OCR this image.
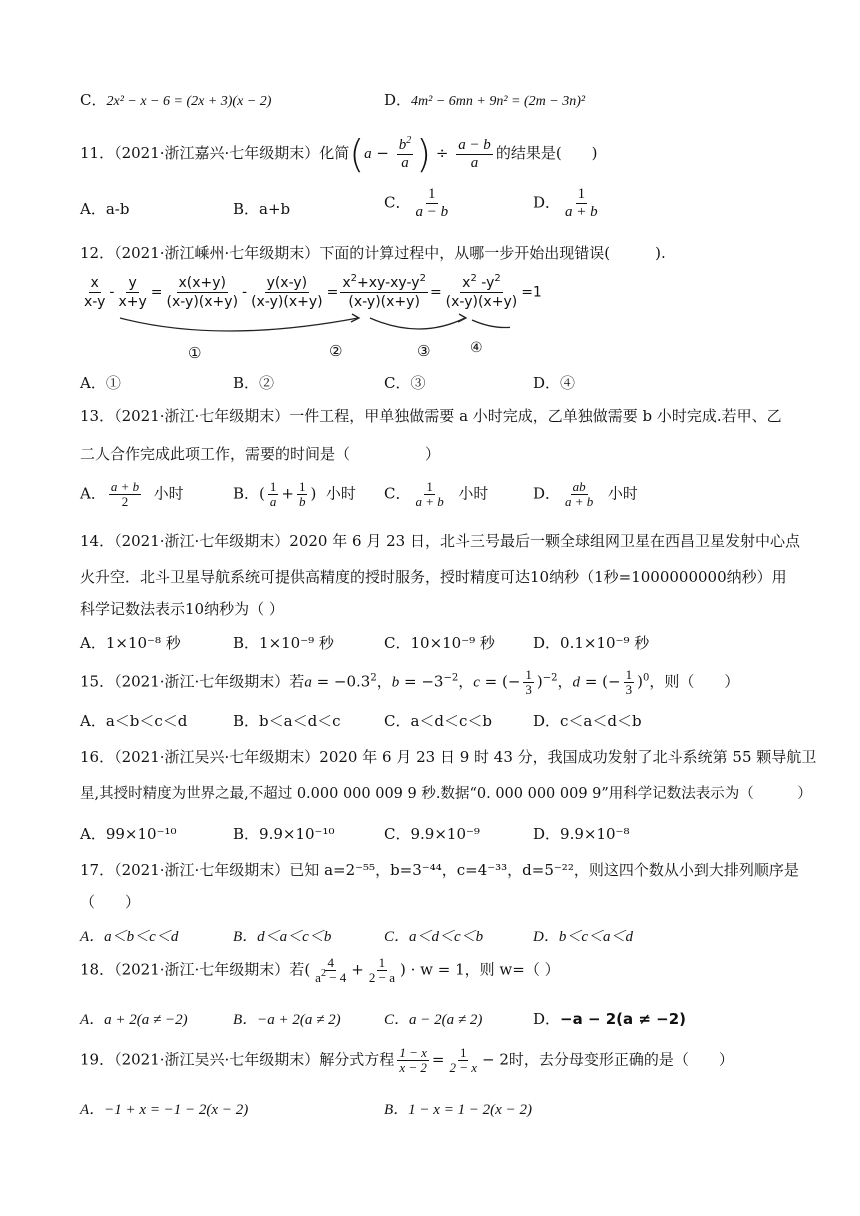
C．2x² − x − 6 = (2x + 3)(x − 2)	D．4m² − 6mn + 9n² = (2m − 3n)²
11．（2021·浙江嘉兴·七年级期末）化简($a - \frac{b^2}{a}$ ) ÷ $\frac{a - b}{a}$ 的结果是(　　)
A．a-b	B．a+b	C． $\frac{1}{a - b}$	D． $\frac{1}{a + b}$
12．（2021·浙江嵊州·七年级期末）下面的计算过程中，从哪一步开始出现错误(　　　).
$\frac{x}{x-y} - \frac{y}{x+y} = \frac{x(x+y)}{(x-y)(x+y)} - \frac{y(x-y)}{(x-y)(x+y)} = \frac{x^2+xy-xy-y^2}{(x-y)(x+y)} = \frac{x^2 -y^2}{(x-y)(x+y)} =1$
①	②	③	④
A．①	B．②	C．③	D．④
13．（2021·浙江·七年级期末）一件工程，甲单独做需要 a 小时完成，乙单独做需要 b 小时完成.若甲、乙
二人合作完成此项工作，需要的时间是（　　　　　）
A． $\frac{a + b}{2}$ 小时	B．( $\frac{1}{a} + \frac{1}{b}$ )  小时 C． $\frac{1}{a + b}$ 小时	D． $\frac{ab}{a + b}$ 小时
14．（2021·浙江·七年级期末）2020 年 6 月 23 日，北斗三号最后一颗全球组网卫星在西昌卫星发射中心点
火升空．北斗卫星导航系统可提供高精度的授时服务，授时精度可达10纳秒（1秒=1000000000纳秒）用
科学记数法表示10纳秒为（ ）
A．1×10⁻⁸ 秒	B．1×10⁻⁹ 秒	C．10×10⁻⁹ 秒	D．0.1×10⁻⁹ 秒
15．（2021·浙江·七年级期末）若$a = -0.3^2$，$b = -3^{-2}$，c = (− $\frac{1}{3} )^{-2}$，d = (− $\frac{1}{3} )^0$，则（　　）
A．a＜b＜c＜d	B．b＜a＜d＜c	C．a＜d＜c＜b	D．c＜a＜d＜b
16．（2021·浙江吴兴·七年级期末）2020 年 6 月 23 日 9 时 43 分，我国成功发射了北斗系统第 55 颗导航卫
星,其授时精度为世界之最,不超过 0.000 000 009 9 秒.数据“0. 000 000 009 9”用科学记数法表示为（　　　）
A．99×10⁻¹⁰	B．9.9×10⁻¹⁰	C．9.9×10⁻⁹	D．9.9×10⁻⁸
17．（2021·浙江·七年级期末）已知 a=2⁻⁵⁵，b=3⁻⁴⁴，c=4⁻³³，d=5⁻²²，则这四个数从小到大排列顺序是
（　　）
A．a＜b＜c＜d	B．d＜a＜c＜b	C．a＜d＜c＜b	D．b＜c＜a＜d
18．（2021·浙江·七年级期末）若( $\frac{4}{a^2 - 4} + \frac{1}{2 - a}$ ) · w = 1，则 w=（ ）
A．a + 2(a ≠ −2)	B．−a + 2(a ≠ 2)	C．a − 2(a ≠ 2)	D．−a − 2(a ≠ −2)
19．（2021·浙江吴兴·七年级期末）解分式方程 $\frac{1 - x}{x - 2} = \frac{1}{2 - x} - 2$时，去分母变形正确的是（　　）
A．−1 + x = −1 − 2(x − 2)	B．1 − x = 1 − 2(x − 2)
